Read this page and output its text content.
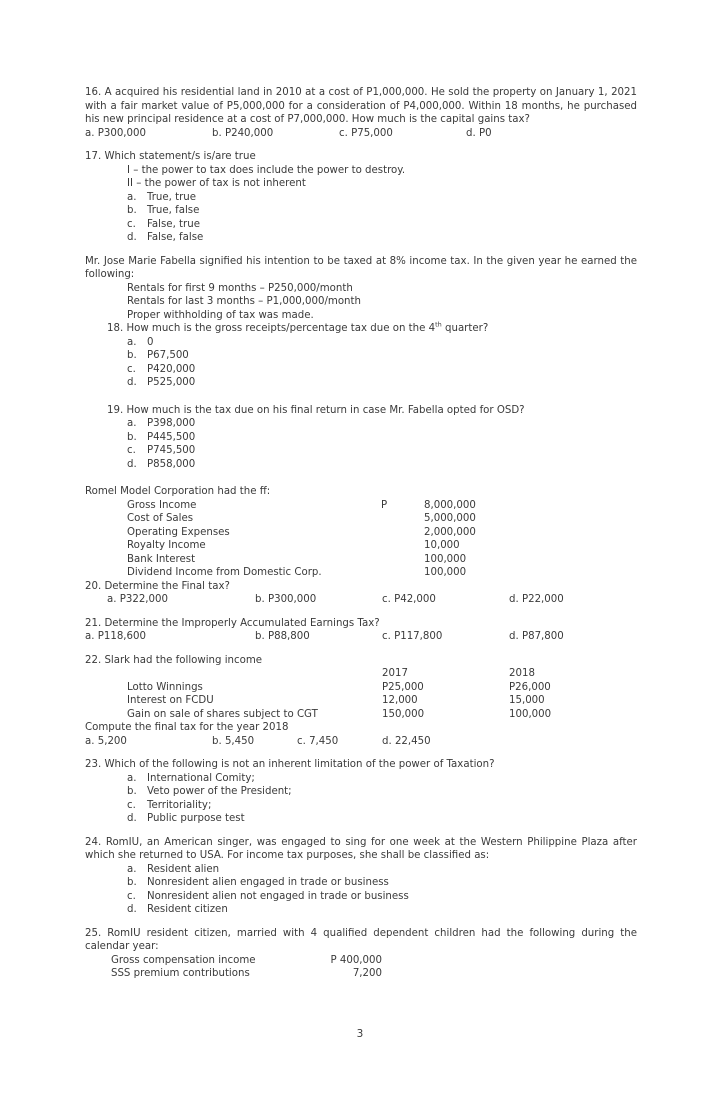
16. A acquired his residential land in 2010 at a cost of P1,000,000. He sold the property on January 1, 2021 with a fair market value of P5,000,000 for a consideration of P4,000,000. Within 18 months, he purchased his new principal residence at a cost of P7,000,000. How much is the capital gains tax?
a. P300,000	b. P240,000	c. P75,000	d. P0
17. Which statement/s is/are true
I – the power to tax does include the power to destroy.
II – the power of tax is not inherent
a.	True, true
b.	True, false
c.	False, true
d.	False, false
Mr. Jose Marie Fabella signified his intention to be taxed at 8% income tax. In the given year he earned the following:
Rentals for first 9 months – P250,000/month
Rentals for last 3 months – P1,000,000/month
Proper withholding of tax was made.
18. How much is the gross receipts/percentage tax due on the 4th quarter?
a.	0
b.	P67,500
c.	P420,000
d.	P525,000
19. How much is the tax due on his final return in case Mr. Fabella opted for OSD?
a.	P398,000
b.	P445,500
c.	P745,500
d.	P858,000
Romel Model Corporation had the ff:
Gross Income	P	8,000,000
Cost of Sales	5,000,000
Operating Expenses	2,000,000
Royalty Income	10,000
Bank Interest	100,000
Dividend Income from Domestic Corp.	100,000
20. Determine the Final tax?
a. P322,000	b. P300,000	c. P42,000	d. P22,000
21. Determine the Improperly Accumulated Earnings Tax?
a. P118,600	b. P88,800	c. P117,800	d. P87,800
22. Slark had the following income
2017	2018
Lotto Winnings	P25,000	P26,000
Interest on FCDU	12,000	15,000
Gain on sale of shares subject to CGT	150,000	100,000
Compute the final tax for the year 2018
a. 5,200	b. 5,450	c. 7,450	d. 22,450
23. Which of the following is not an inherent limitation of the power of Taxation?
a.	International Comity;
b.	Veto power of the President;
c.	Territoriality;
d.	Public purpose test
24. RomIU, an American singer, was engaged to sing for one week at the Western Philippine Plaza after which she returned to USA. For income tax purposes, she shall be classified as:
a.	Resident alien
b.	Nonresident alien engaged in trade or business
c.	Nonresident alien not engaged in trade or business
d.	Resident citizen
25. RomIU resident citizen, married with 4 qualified dependent children had the following during the calendar year:
Gross compensation income	P 400,000
SSS premium contributions	7,200
3
